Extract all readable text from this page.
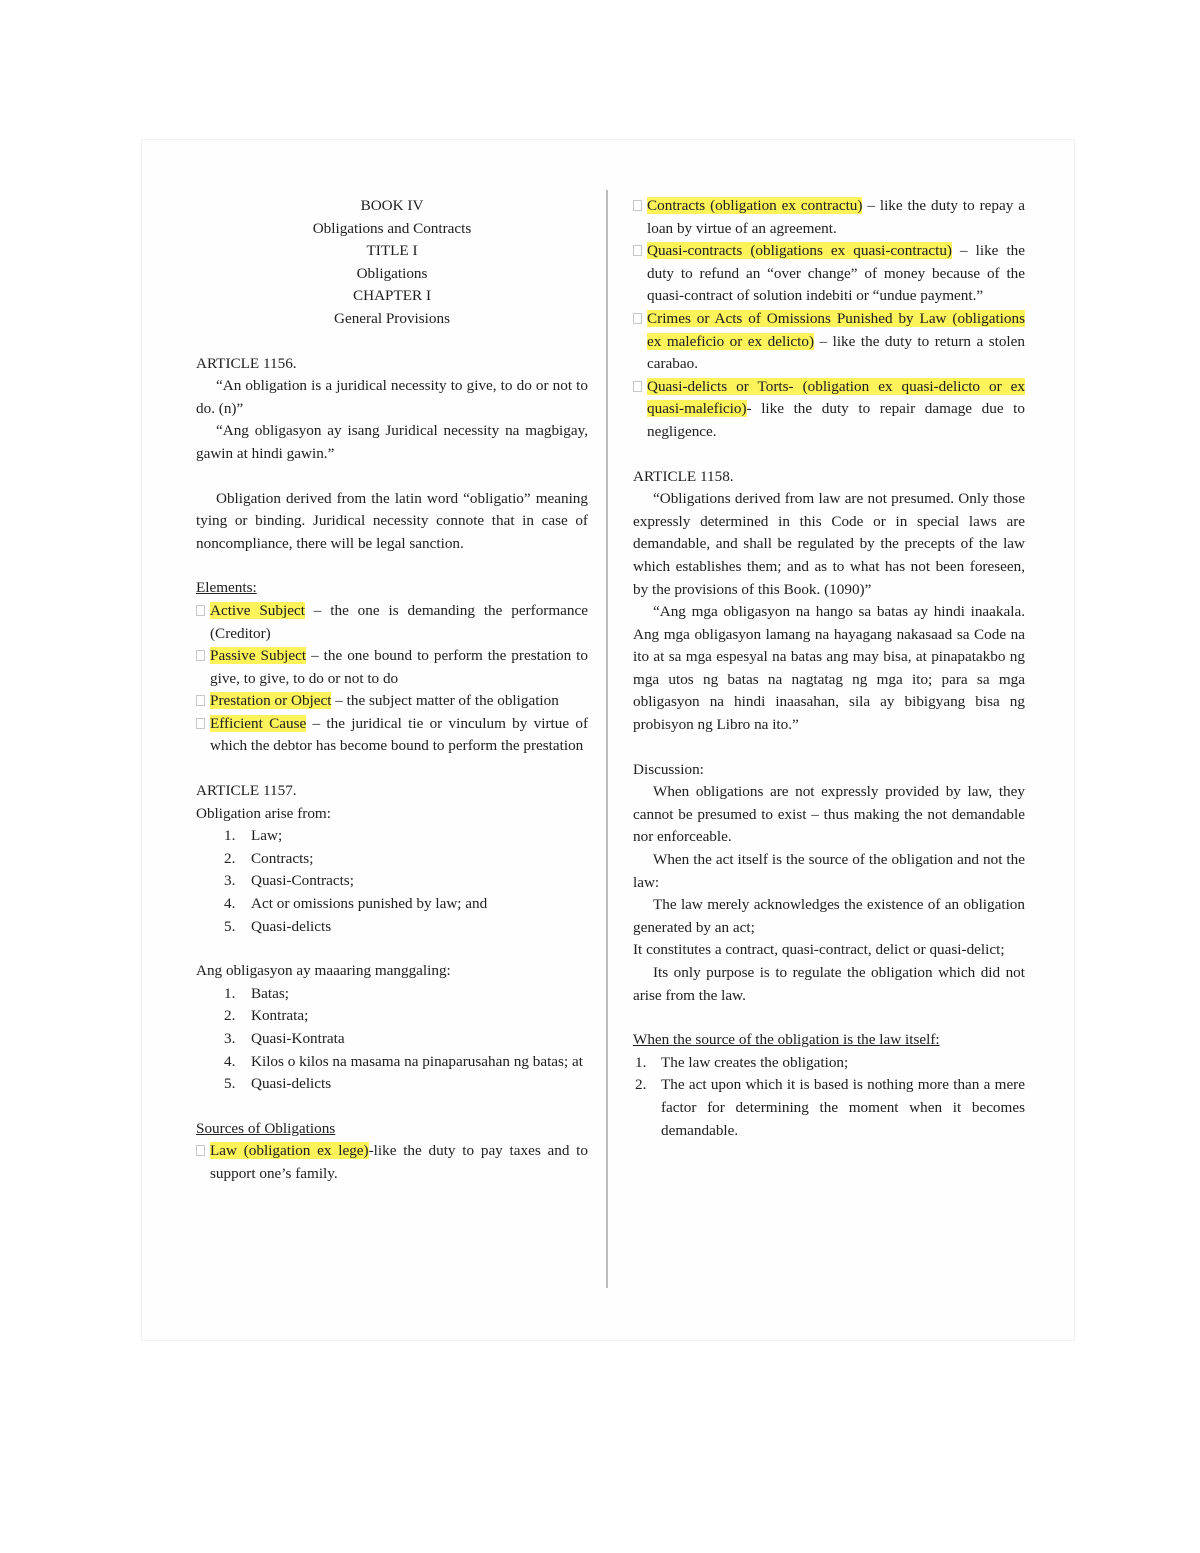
BOOK IV

Obligations and Contracts

TITLE I

Obligations

CHAPTER I

General Provisions

ARTICLE 1156.

“An obligation is a juridical necessity to give, to do or not to do. (n)”

“Ang obligasyon ay isang Juridical necessity na magbigay, gawin at hindi gawin.”

Obligation derived from the latin word “obligatio” meaning tying or binding. Juridical necessity connote that in case of noncompliance, there will be legal sanction.

Elements:

Active Subject – the one is demanding the performance (Creditor)
Passive Subject – the one bound to perform the prestation to give, to give, to do or not to do
Prestation or Object – the subject matter of the obligation
Efficient Cause – the juridical tie or vinculum by virtue of which the debtor has become bound to perform the prestation

ARTICLE 1157.

Obligation arise from:

1. Law;
2. Contracts;
3. Quasi-Contracts;
4. Act or omissions punished by law; and
5. Quasi-delicts

Ang obligasyon ay maaaring manggaling:

1. Batas;
2. Kontrata;
3. Quasi-Kontrata
4. Kilos o kilos na masama na pinaparusahan ng batas; at
5. Quasi-delicts

Sources of Obligations

Law (obligation ex lege)-like the duty to pay taxes and to support one’s family.
Contracts (obligation ex contractu) – like the duty to repay a loan by virtue of an agreement.
Quasi-contracts (obligations ex quasi-contractu) – like the duty to refund an “over change” of money because of the quasi-contract of solution indebiti or “undue payment.”
Crimes or Acts of Omissions Punished by Law (obligations ex maleficio or ex delicto) – like the duty to return a stolen carabao.
Quasi-delicts or Torts- (obligation ex quasi-delicto or ex quasi-maleficio)- like the duty to repair damage due to negligence.

ARTICLE 1158.

“Obligations derived from law are not presumed. Only those expressly determined in this Code or in special laws are demandable, and shall be regulated by the precepts of the law which establishes them; and as to what has not been foreseen, by the provisions of this Book. (1090)”

“Ang mga obligasyon na hango sa batas ay hindi inaakala. Ang mga obligasyon lamang na hayagang nakasaad sa Code na ito at sa mga espesyal na batas ang may bisa, at pinapatakbo ng mga utos ng batas na nagtatag ng mga ito; para sa mga obligasyon na hindi inaasahan, sila ay bibigyang bisa ng probisyon ng Libro na ito.”

Discussion:

When obligations are not expressly provided by law, they cannot be presumed to exist – thus making the not demandable nor enforceable.

When the act itself is the source of the obligation and not the law:

The law merely acknowledges the existence of an obligation generated by an act;

It constitutes a contract, quasi-contract, delict or quasi-delict;

Its only purpose is to regulate the obligation which did not arise from the law.

When the source of the obligation is the law itself:

1. The law creates the obligation;
2. The act upon which it is based is nothing more than a mere factor for determining the moment when it becomes demandable.
